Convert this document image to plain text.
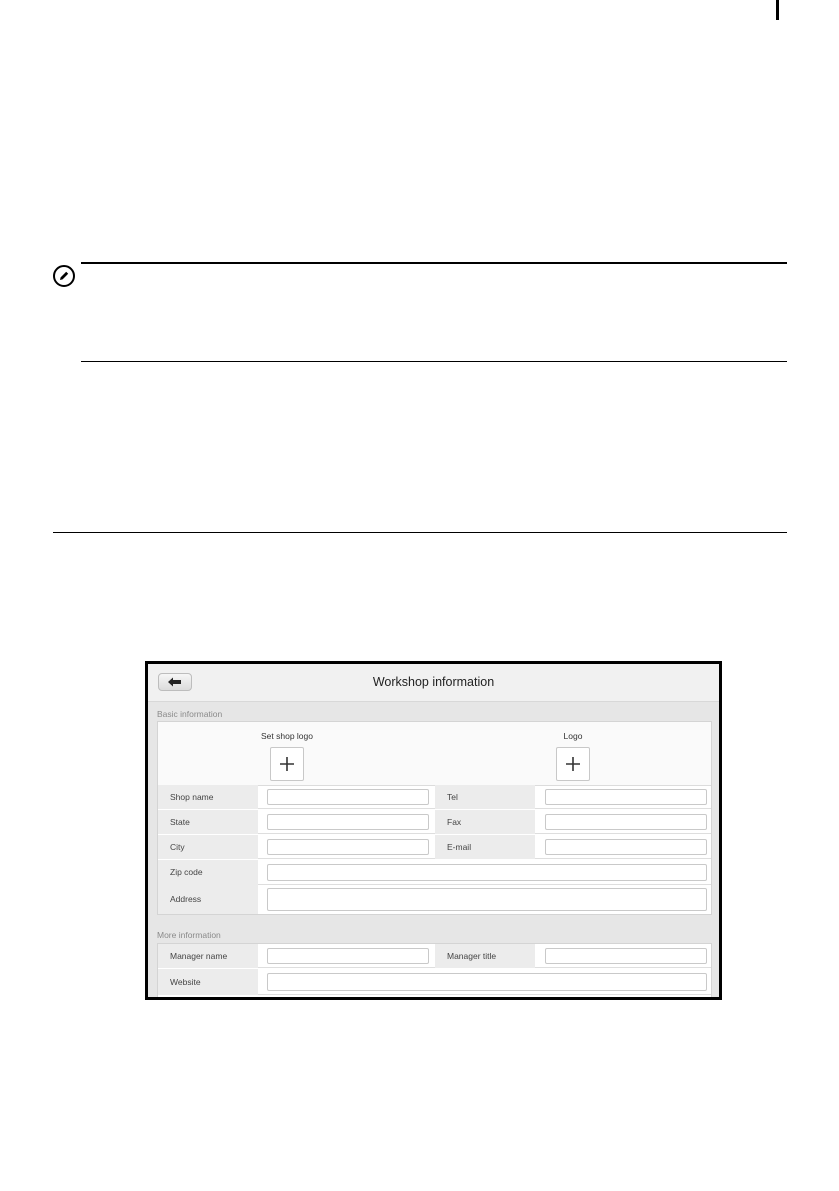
Workshop information
Basic information
Set shop logo	Logo
Shop name	Tel
State	Fax
City	E-mail
Zip code
Address
More information
Manager name	Manager title
Website
